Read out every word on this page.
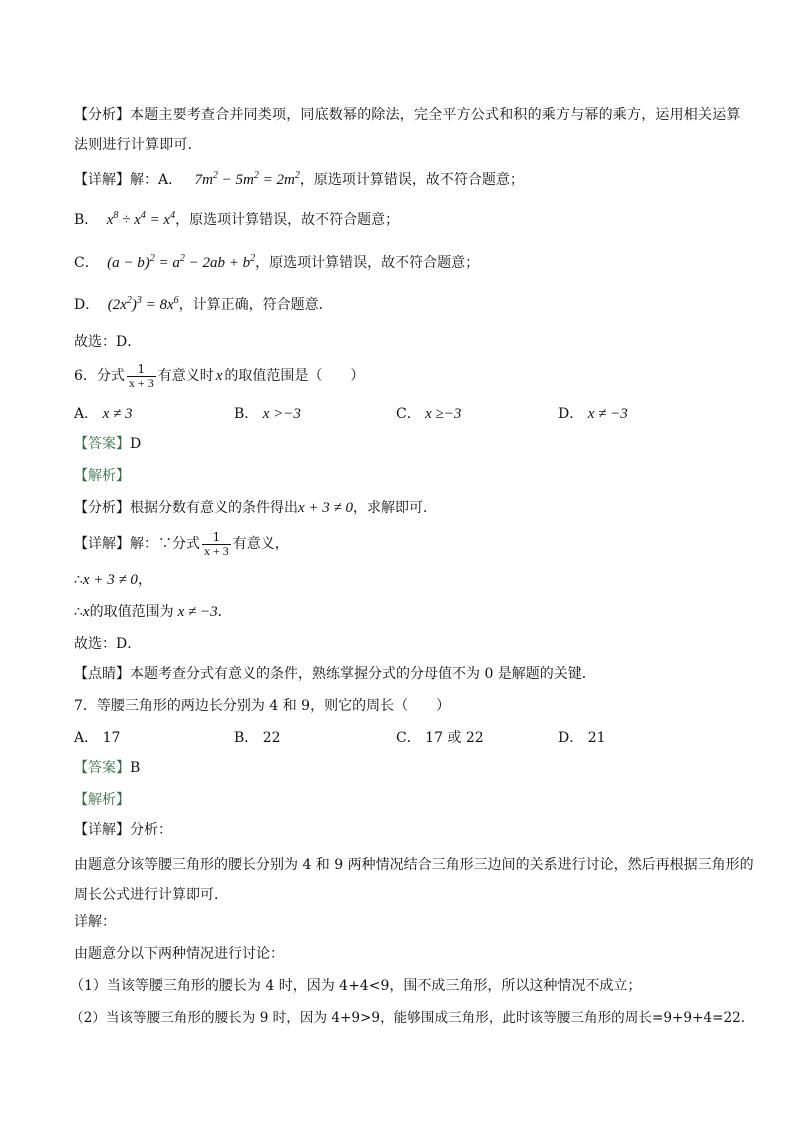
【分析】本题主要考查合并同类项，同底数幂的除法，完全平方公式和积的乘方与幂的乘方，运用相关运算法则进行计算即可．
【详解】解：A． $7m^2 - 5m^2 = 2m^2$，原选项计算错误，故不符合题意；
B． $x^8 \div x^4 = x^4$，原选项计算错误，故不符合题意；
C． $(a - b)^2 = a^2 - 2ab + b^2$，原选项计算错误，故不符合题意；
D． $(2x^2)^3 = 8x^6$，计算正确，符合题意．
故选：D．
6．分式 $\frac{1}{x + 3}$ 有意义时 x 的取值范围是（　　）
A． x ≠ 3	B． x >−3	C． x ≥−3	D． x ≠ −3
【答案】D
【解析】
【分析】根据分数有意义的条件得出x + 3 ≠ 0，求解即可．
【详解】解：∵分式 $\frac{1}{x + 3}$ 有意义，
∴x + 3 ≠ 0，
∴x的取值范围为 x ≠ −3．
故选：D．
【点睛】本题考查分式有意义的条件，熟练掌握分式的分母值不为 0 是解题的关键．
7．等腰三角形的两边长分别为 4 和 9，则它的周长（　　）
A． 17	B． 22	C． 17 或 22	D． 21
【答案】B
【解析】
【详解】分析：
由题意分该等腰三角形的腰长分别为 4 和 9 两种情况结合三角形三边间的关系进行讨论，然后再根据三角形的周长公式进行计算即可．
详解：
由题意分以下两种情况进行讨论：
（1）当该等腰三角形的腰长为 4 时，因为 4+4<9，围不成三角形，所以这种情况不成立；
（2）当该等腰三角形的腰长为 9 时，因为 4+9>9，能够围成三角形，此时该等腰三角形的周长=9+9+4=22.
